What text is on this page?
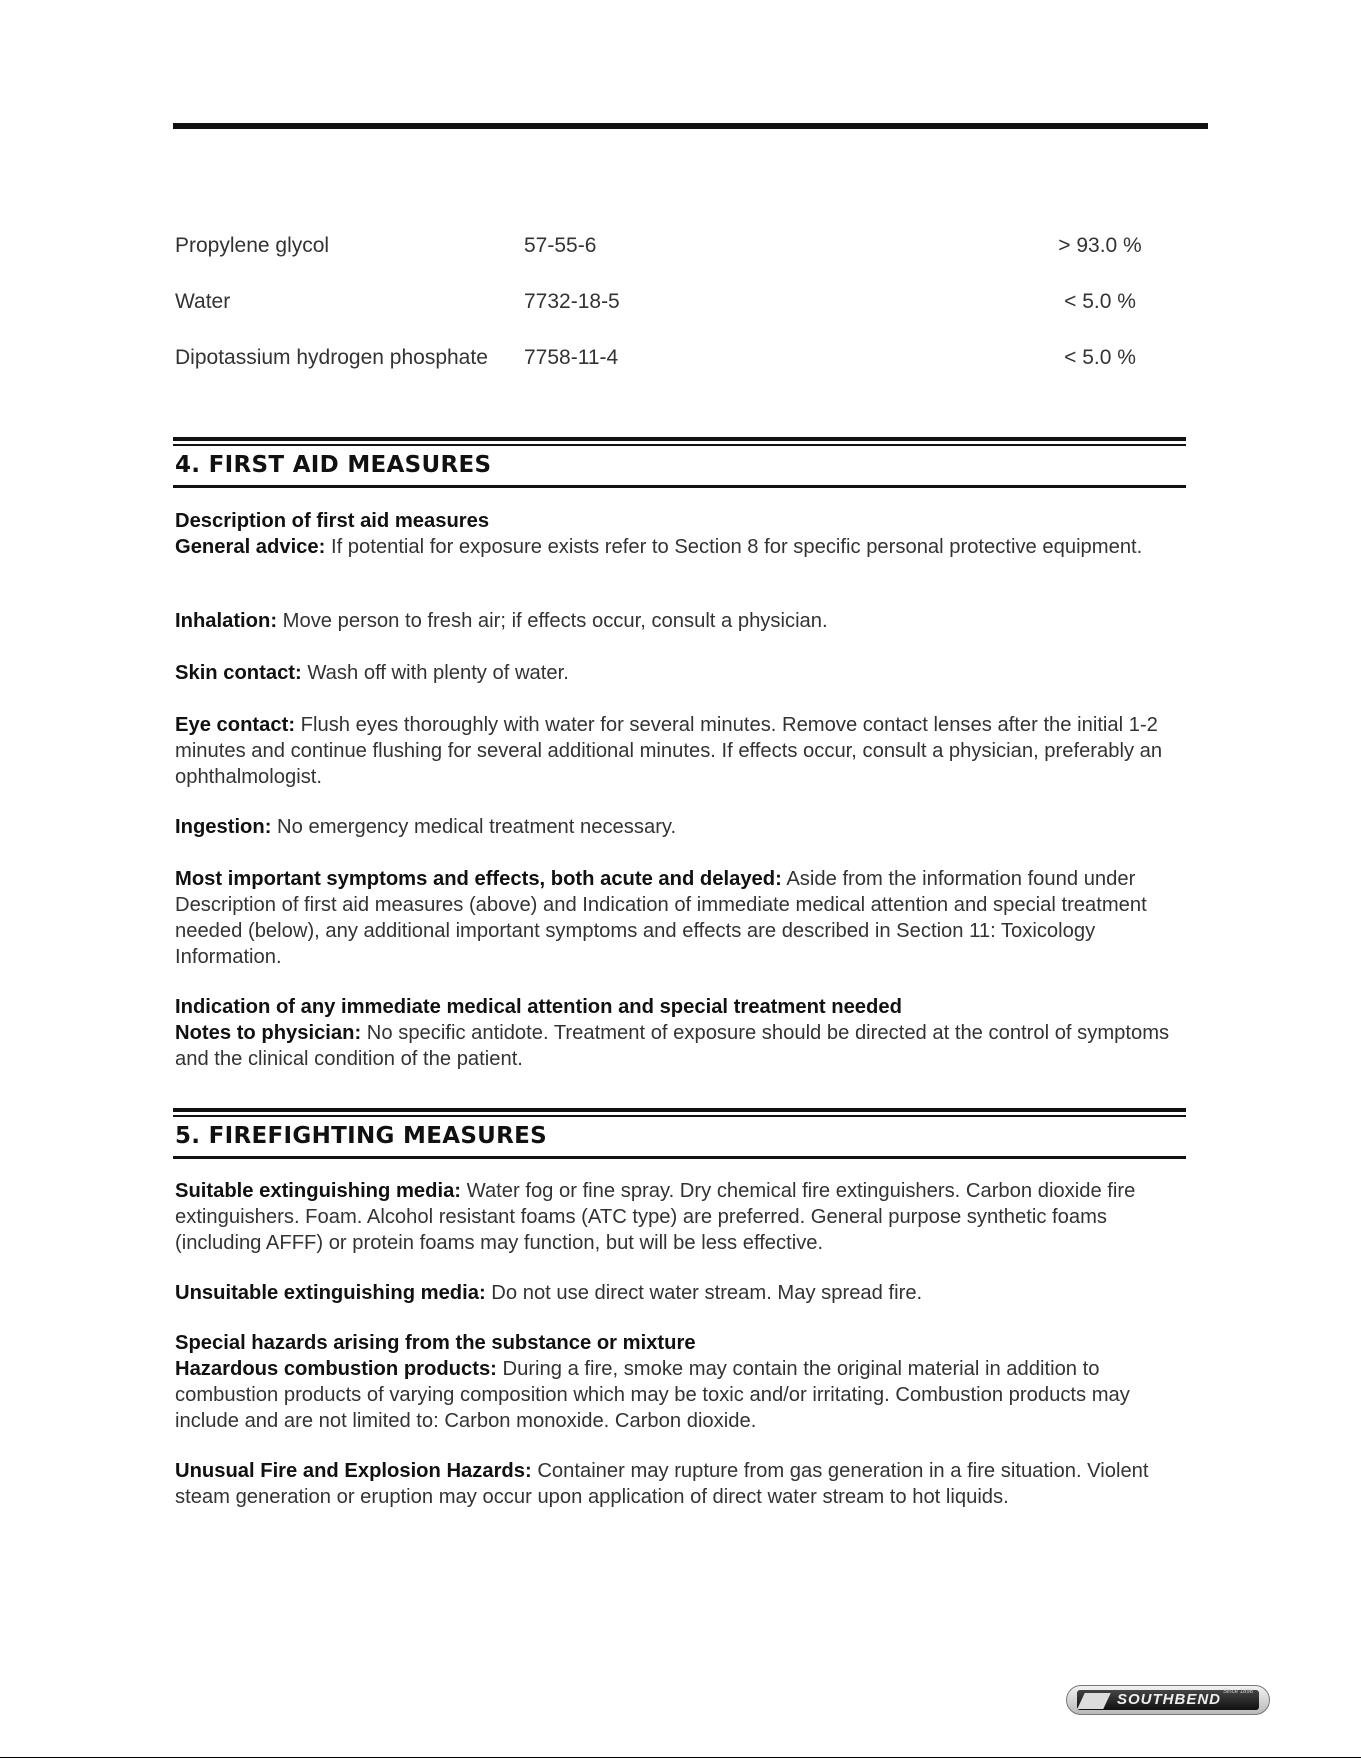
Propylene glycol	57-55-6	> 93.0 %
Water	7732-18-5	< 5.0 %
Dipotassium hydrogen phosphate 7758-11-4	< 5.0 %
4. FIRST AID MEASURES

Description of first aid measures
General advice: If potential for exposure exists refer to Section 8 for specific personal protective equipment.

Inhalation: Move person to fresh air; if effects occur, consult a physician.

Skin contact: Wash off with plenty of water.

Eye contact: Flush eyes thoroughly with water for several minutes. Remove contact lenses after the initial 1-2 minutes and continue flushing for several additional minutes. If effects occur, consult a physician, preferably an ophthalmologist.

Ingestion: No emergency medical treatment necessary.

Most important symptoms and effects, both acute and delayed: Aside from the information found under Description of first aid measures (above) and Indication of immediate medical attention and special treatment needed (below), any additional important symptoms and effects are described in Section 11: Toxicology Information.

Indication of any immediate medical attention and special treatment needed
Notes to physician: No specific antidote. Treatment of exposure should be directed at the control of symptoms and the clinical condition of the patient.

5. FIREFIGHTING MEASURES

Suitable extinguishing media: Water fog or fine spray. Dry chemical fire extinguishers. Carbon dioxide fire extinguishers. Foam. Alcohol resistant foams (ATC type) are preferred. General purpose synthetic foams (including AFFF) or protein foams may function, but will be less effective.

Unsuitable extinguishing media: Do not use direct water stream. May spread fire.

Special hazards arising from the substance or mixture
Hazardous combustion products: During a fire, smoke may contain the original material in addition to combustion products of varying composition which may be toxic and/or irritating. Combustion products may include and are not limited to: Carbon monoxide. Carbon dioxide.

Unusual Fire and Explosion Hazards: Container may rupture from gas generation in a fire situation. Violent steam generation or eruption may occur upon application of direct water stream to hot liquids.

SOUTHBEND Since 1898
